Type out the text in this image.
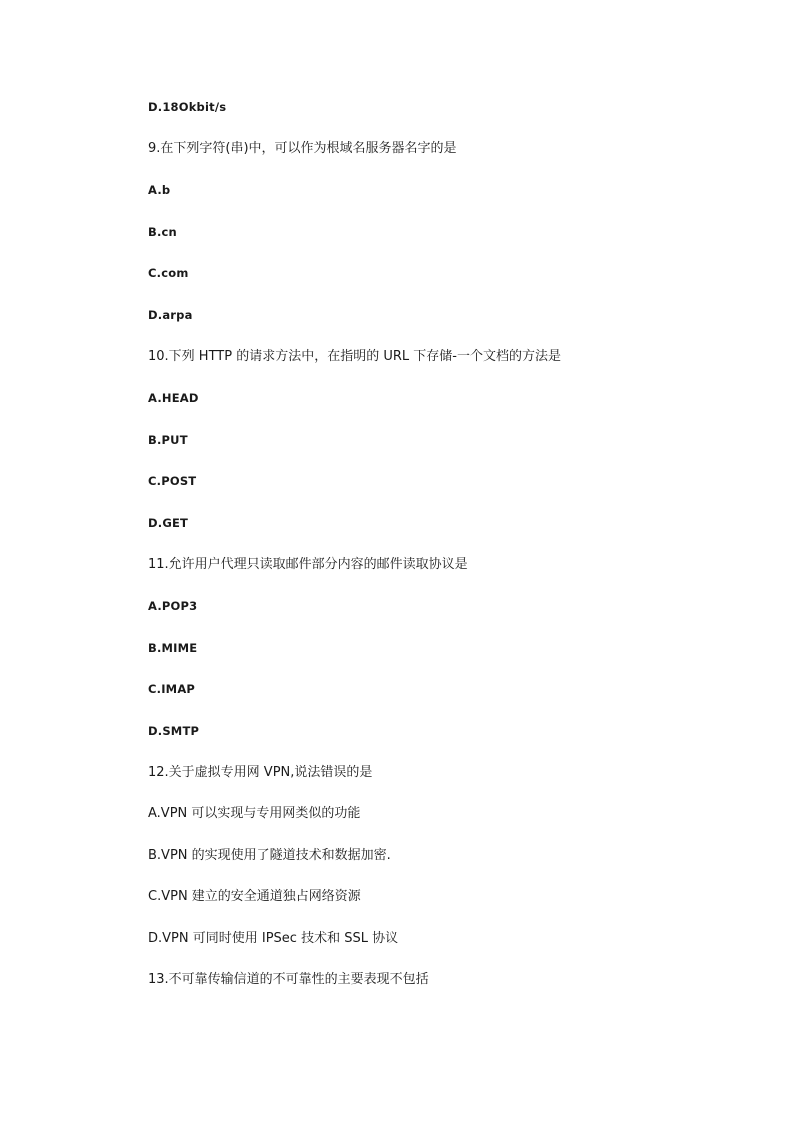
D.18Okbit/s
9.在下列字符(串)中，可以作为根域名服务器名字的是
A.b
B.cn
C.com
D.arpa
10.下列 HTTP 的请求方法中，在指明的 URL 下存储-一个文档的方法是
A.HEAD
B.PUT
C.POST
D.GET
11.允许用户代理只读取邮件部分内容的邮件读取协议是
A.POP3
B.MIME
C.IMAP
D.SMTP
12.关于虚拟专用网 VPN,说法错误的是
A.VPN 可以实现与专用网类似的功能
B.VPN 的实现使用了隧道技术和数据加密.
C.VPN 建立的安全通道独占网络资源
D.VPN 可同时使用 IPSec 技术和 SSL 协议
13.不可靠传输信道的不可靠性的主要表现不包括
